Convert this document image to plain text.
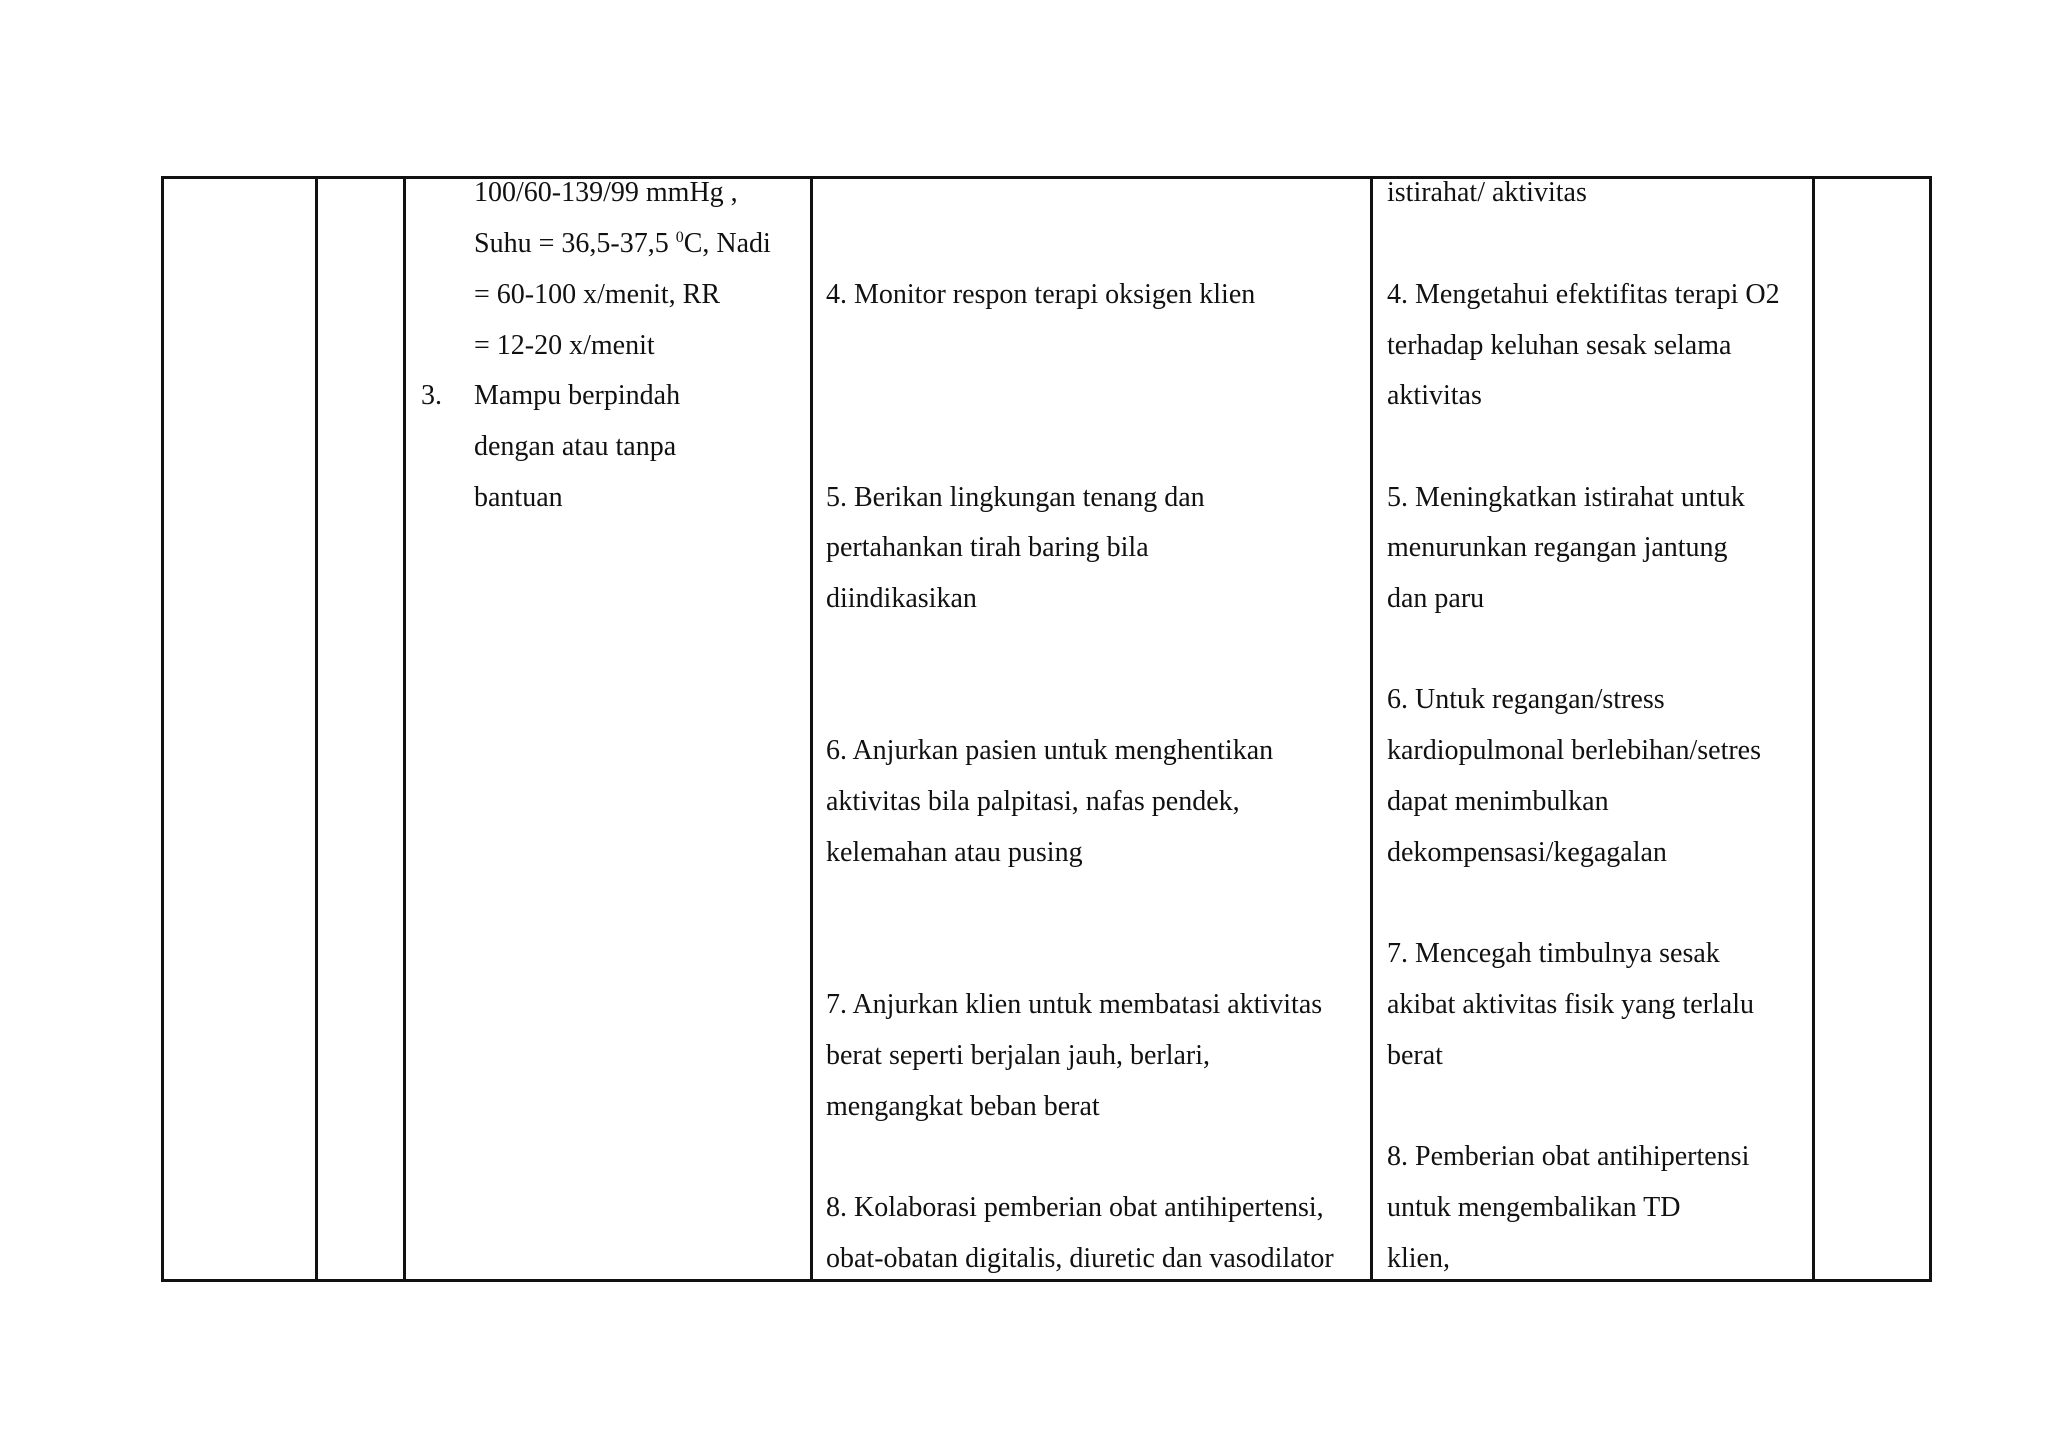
100/60-139/99 mmHg ,
Suhu = 36,5-37,5 $^0$C, Nadi
= 60-100 x/menit, RR
= 12-20 x/menit
3. Mampu berpindah
dengan atau tanpa
bantuan
4. Monitor respon terapi oksigen klien
5. Berikan lingkungan tenang dan
pertahankan tirah baring bila
diindikasikan
6. Anjurkan pasien untuk menghentikan
aktivitas bila palpitasi, nafas pendek,
kelemahan atau pusing
7. Anjurkan klien untuk membatasi aktivitas
berat seperti berjalan jauh, berlari,
mengangkat beban berat
8. Kolaborasi pemberian obat antihipertensi,
obat-obatan digitalis, diuretic dan vasodilator
istirahat/ aktivitas
4. Mengetahui efektifitas terapi O2
terhadap keluhan sesak selama
aktivitas
5. Meningkatkan istirahat untuk
menurunkan regangan jantung
dan paru
6. Untuk regangan/stress
kardiopulmonal berlebihan/setres
dapat menimbulkan
dekompensasi/kegagalan
7. Mencegah timbulnya sesak
akibat aktivitas fisik yang terlalu
berat
8. Pemberian obat antihipertensi
untuk mengembalikan TD
klien,
